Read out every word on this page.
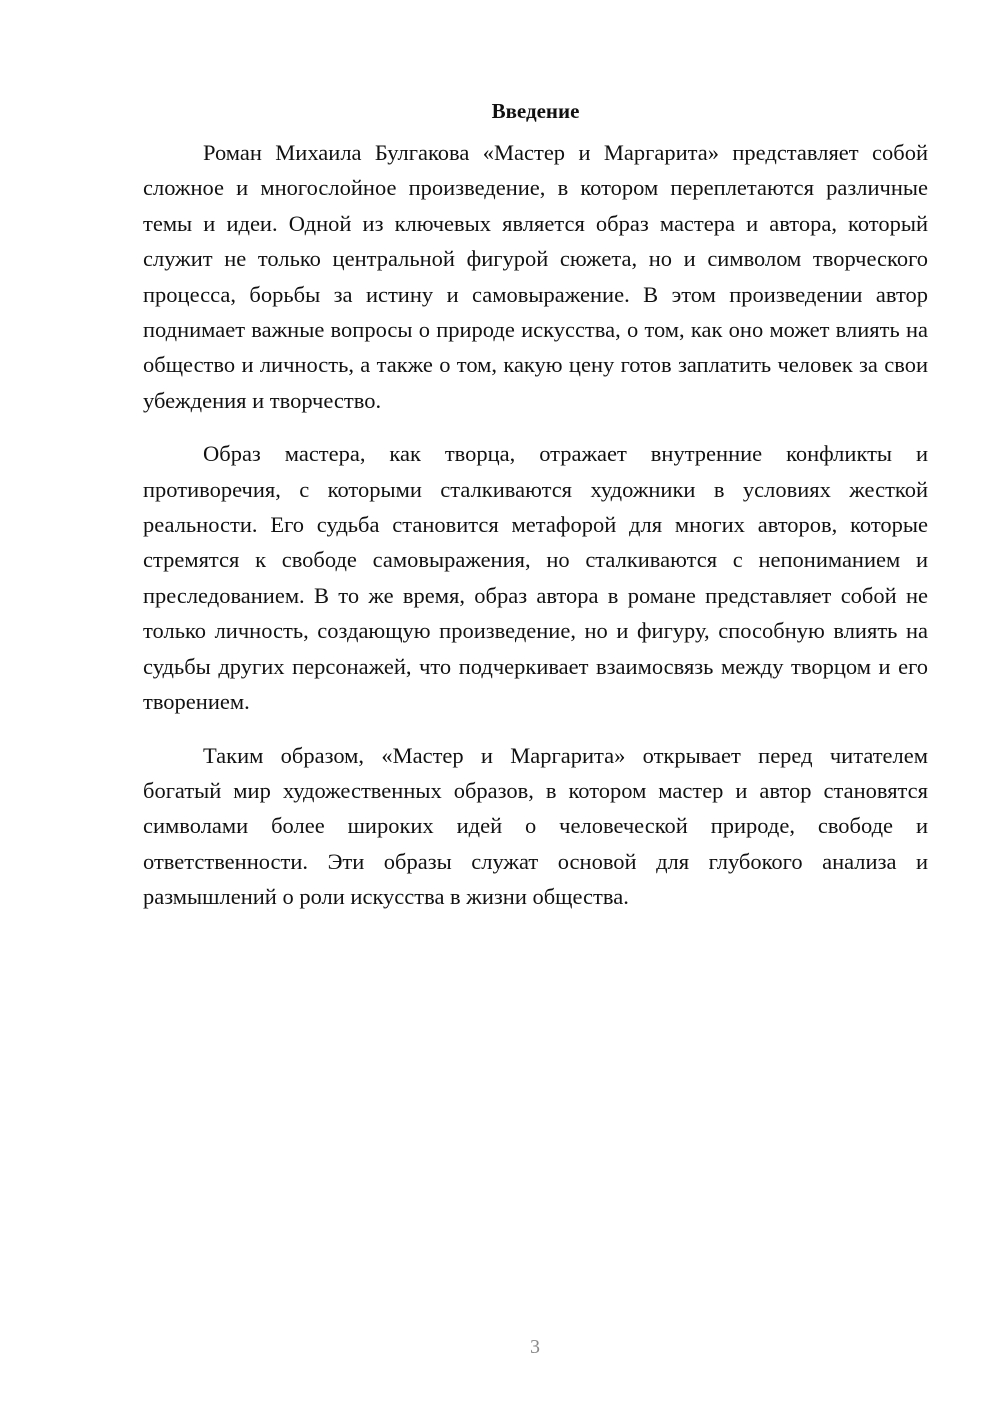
Введение

Роман Михаила Булгакова «Мастер и Маргарита» представляет собой сложное и многослойное произведение, в котором переплетаются различные темы и идеи. Одной из ключевых является образ мастера и автора, который служит не только центральной фигурой сюжета, но и символом творческого процесса, борьбы за истину и самовыражение. В этом произведении автор поднимает важные вопросы о природе искусства, о том, как оно может влиять на общество и личность, а также о том, какую цену готов заплатить человек за свои убеждения и творчество.

Образ мастера, как творца, отражает внутренние конфликты и противоречия, с которыми сталкиваются художники в условиях жесткой реальности. Его судьба становится метафорой для многих авторов, которые стремятся к свободе самовыражения, но сталкиваются с непониманием и преследованием. В то же время, образ автора в романе представляет собой не только личность, создающую произведение, но и фигуру, способную влиять на судьбы других персонажей, что подчеркивает взаимосвязь между творцом и его творением.

Таким образом, «Мастер и Маргарита» открывает перед читателем богатый мир художественных образов, в котором мастер и автор становятся символами более широких идей о человеческой природе, свободе и ответственности. Эти образы служат основой для глубокого анализа и размышлений о роли искусства в жизни общества.

3
